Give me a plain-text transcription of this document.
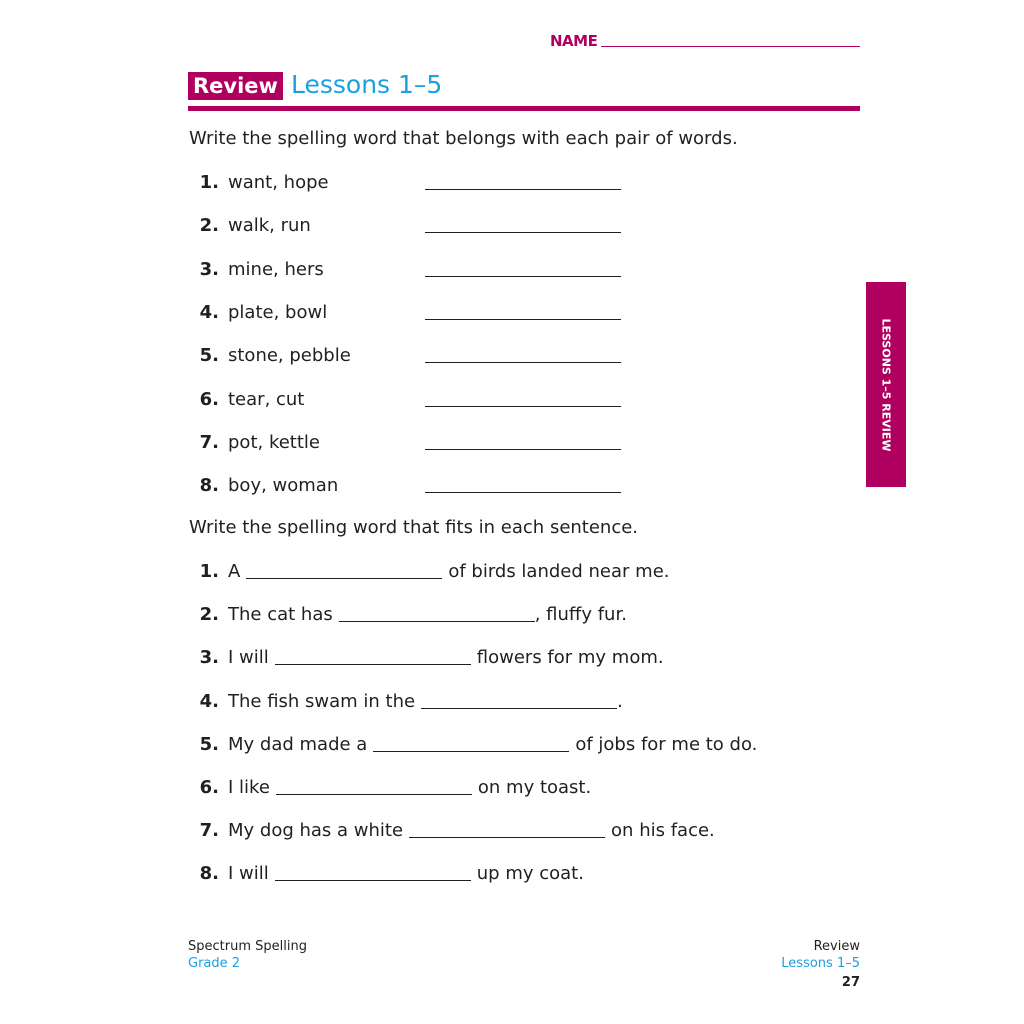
NAME
Review Lessons 1–5
LESSONS 1–5 REVIEW
Write the spelling word that belongs with each pair of words.
1. want, hope
2. walk, run
3. mine, hers
4. plate, bowl
5. stone, pebble
6. tear, cut
7. pot, kettle
8. boy, woman
Write the spelling word that fits in each sentence.
1. A	of birds landed near me.
2. The cat has	, fluffy fur.
3. I will	flowers for my mom.
4. The fish swam in the	.
5. My dad made a	of jobs for me to do.
6. I like	on my toast.
7. My dog has a white	on his face.
8. I will	up my coat.
Spectrum Spelling
Grade 2
Review
Lessons 1–5
27
